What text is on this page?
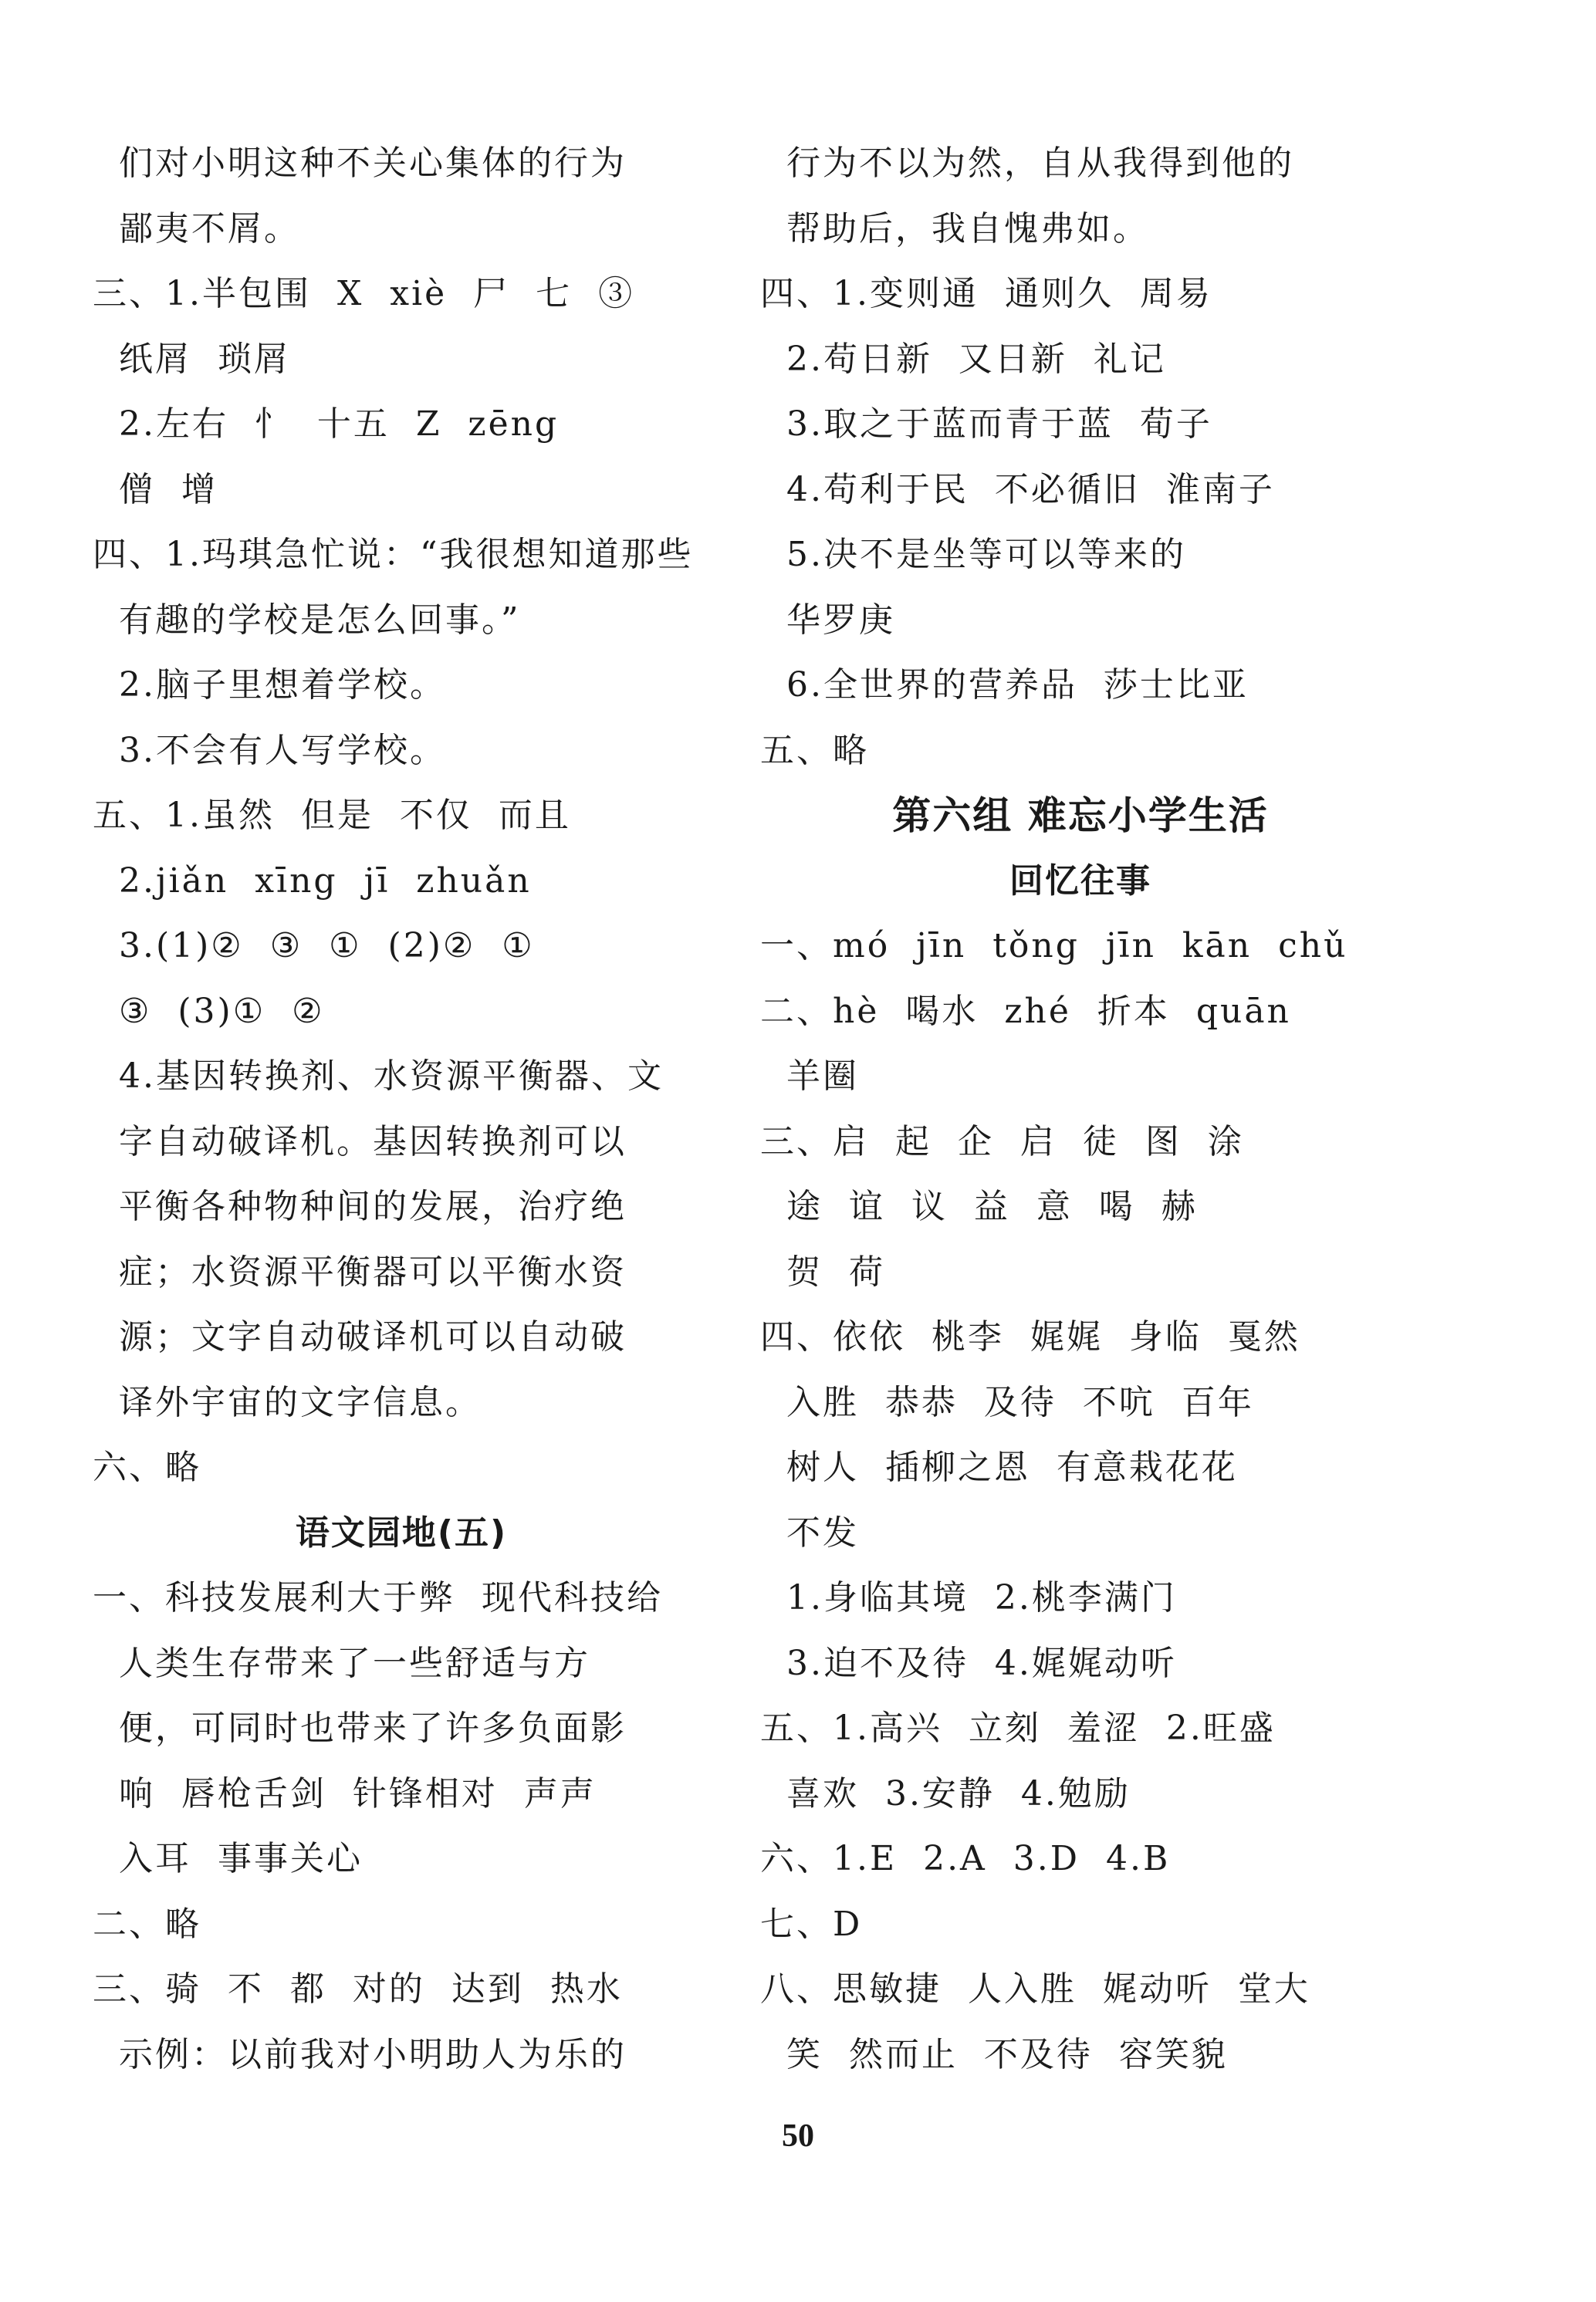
们对小明这种不关心集体的行为
鄙夷不屑。
三、1.半包围  X  xiè  尸  七  ③
纸屑  琐屑
2.左右  忄  十五  Z  zēng
僧  增
四、1.玛琪急忙说：“我很想知道那些
有趣的学校是怎么回事。”
2.脑子里想着学校。
3.不会有人写学校。
五、1.虽然  但是  不仅  而且
2.jiǎn  xīng  jī  zhuǎn
3.(1)②  ③  ①  (2)②  ①
③  (3)①  ②
4.基因转换剂、水资源平衡器、文
字自动破译机。基因转换剂可以
平衡各种物种间的发展，治疗绝
症；水资源平衡器可以平衡水资
源；文字自动破译机可以自动破
译外宇宙的文字信息。
六、略
语文园地(五)
一、科技发展利大于弊  现代科技给
人类生存带来了一些舒适与方
便，可同时也带来了许多负面影
响  唇枪舌剑  针锋相对  声声
入耳  事事关心
二、略
三、骑  不  都  对的  达到  热水
示例：以前我对小明助人为乐的
行为不以为然，自从我得到他的
帮助后，我自愧弗如。
四、1.变则通  通则久  周易
2.苟日新  又日新  礼记
3.取之于蓝而青于蓝  荀子
4.苟利于民  不必循旧  淮南子
5.决不是坐等可以等来的
华罗庚
6.全世界的营养品  莎士比亚
五、略
第六组 难忘小学生活
回忆往事
一、mó  jīn  tǒng  jīn  kān  chǔ
二、hè  喝水  zhé  折本  quān
羊圈
三、启  起  企  启  徒  图  涂
途  谊  议  益  意  喝  赫
贺  荷
四、依依  桃李  娓娓  身临  戛然
入胜  恭恭  及待  不吭  百年
树人  插柳之恩  有意栽花花
不发
1.身临其境  2.桃李满门
3.迫不及待  4.娓娓动听
五、1.高兴  立刻  羞涩  2.旺盛
喜欢  3.安静  4.勉励
六、1.E  2.A  3.D  4.B
七、D
八、思敏捷  人入胜  娓动听  堂大
笑  然而止  不及待  容笑貌
50
